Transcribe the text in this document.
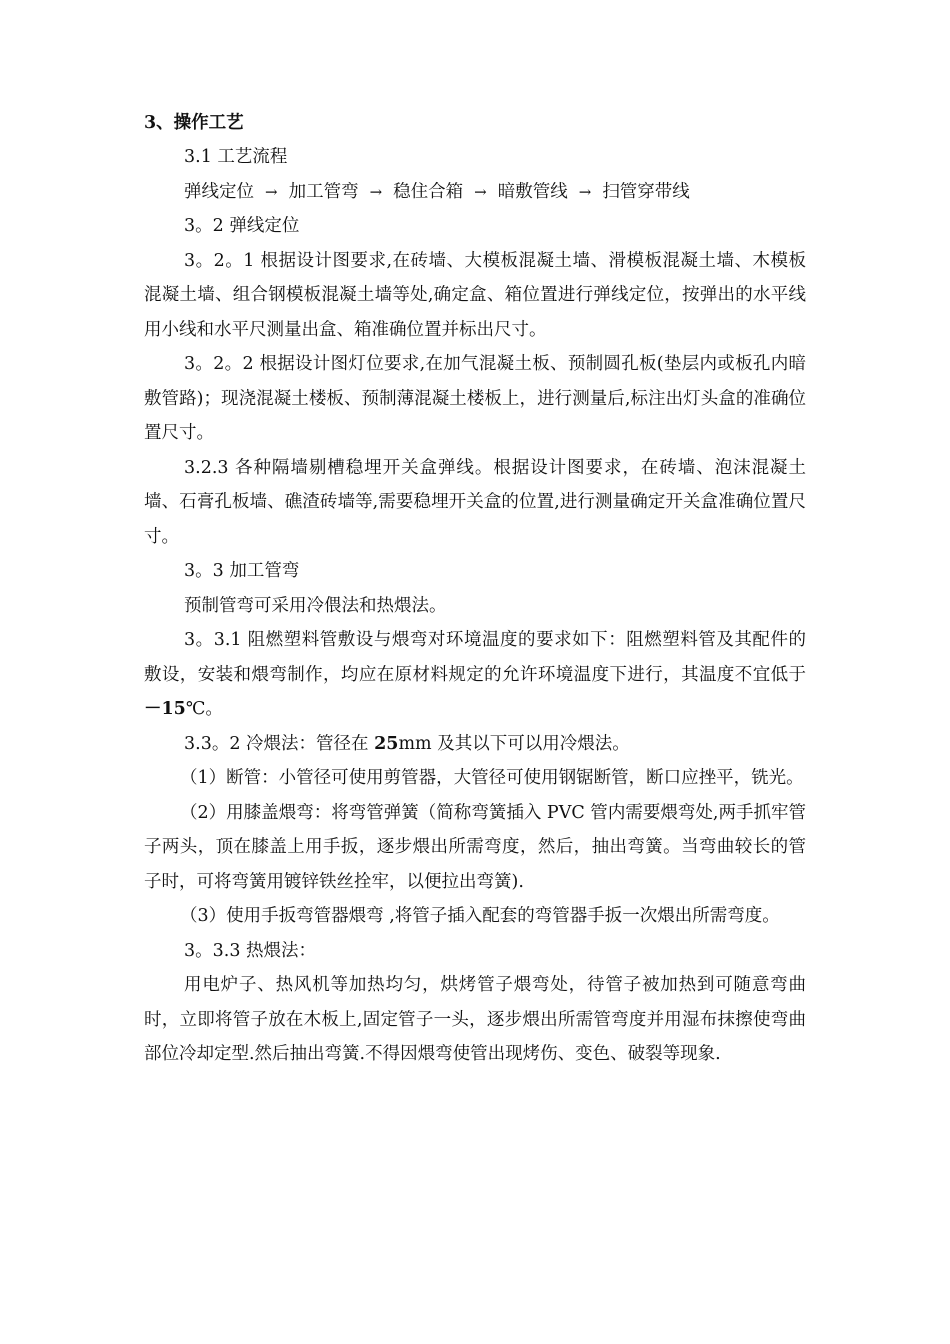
3、操作工艺

3.1 工艺流程

弹线定位 → 加工管弯 → 稳住合箱 → 暗敷管线 → 扫管穿带线

3。2 弹线定位

3。2。1 根据设计图要求,在砖墙、大模板混凝土墙、滑模板混凝土墙、木模板混凝土墙、组合钢模板混凝土墙等处,确定盒、箱位置进行弹线定位，按弹出的水平线用小线和水平尺测量出盒、箱准确位置并标出尺寸。

3。2。2 根据设计图灯位要求,在加气混凝土板、预制圆孔板(垫层内或板孔内暗敷管路)；现浇混凝土楼板、预制薄混凝土楼板上，进行测量后,标注出灯头盒的准确位置尺寸。

3.2.3 各种隔墙剔槽稳埋开关盒弹线。根据设计图要求，在砖墙、泡沫混凝土墙、石膏孔板墙、礁渣砖墙等,需要稳埋开关盒的位置,进行测量确定开关盒准确位置尺寸。

3。3 加工管弯

预制管弯可采用冷偎法和热煨法。

3。3.1 阻燃塑料管敷设与煨弯对环境温度的要求如下：阻燃塑料管及其配件的敷设，安装和煨弯制作，均应在原材料规定的允许环境温度下进行，其温度不宜低于－15℃。

3.3。2 冷煨法：管径在 25mm 及其以下可以用冷煨法。

（1）断管：小管径可使用剪管器，大管径可使用钢锯断管，断口应挫平，铣光。

（2）用膝盖煨弯：将弯管弹簧（简称弯簧插入 PVC 管内需要煨弯处,两手抓牢管子两头，顶在膝盖上用手扳，逐步煨出所需弯度，然后，抽出弯簧。当弯曲较长的管子时，可将弯簧用镀锌铁丝拴牢，以便拉出弯簧).

（3）使用手扳弯管器煨弯 ,将管子插入配套的弯管器手扳一次煨出所需弯度。

3。3.3 热煨法：

用电炉子、热风机等加热均匀，烘烤管子煨弯处，待管子被加热到可随意弯曲时，立即将管子放在木板上,固定管子一头，逐步煨出所需管弯度并用湿布抹擦使弯曲部位冷却定型.然后抽出弯簧.不得因煨弯使管出现烤伤、变色、破裂等现象.
